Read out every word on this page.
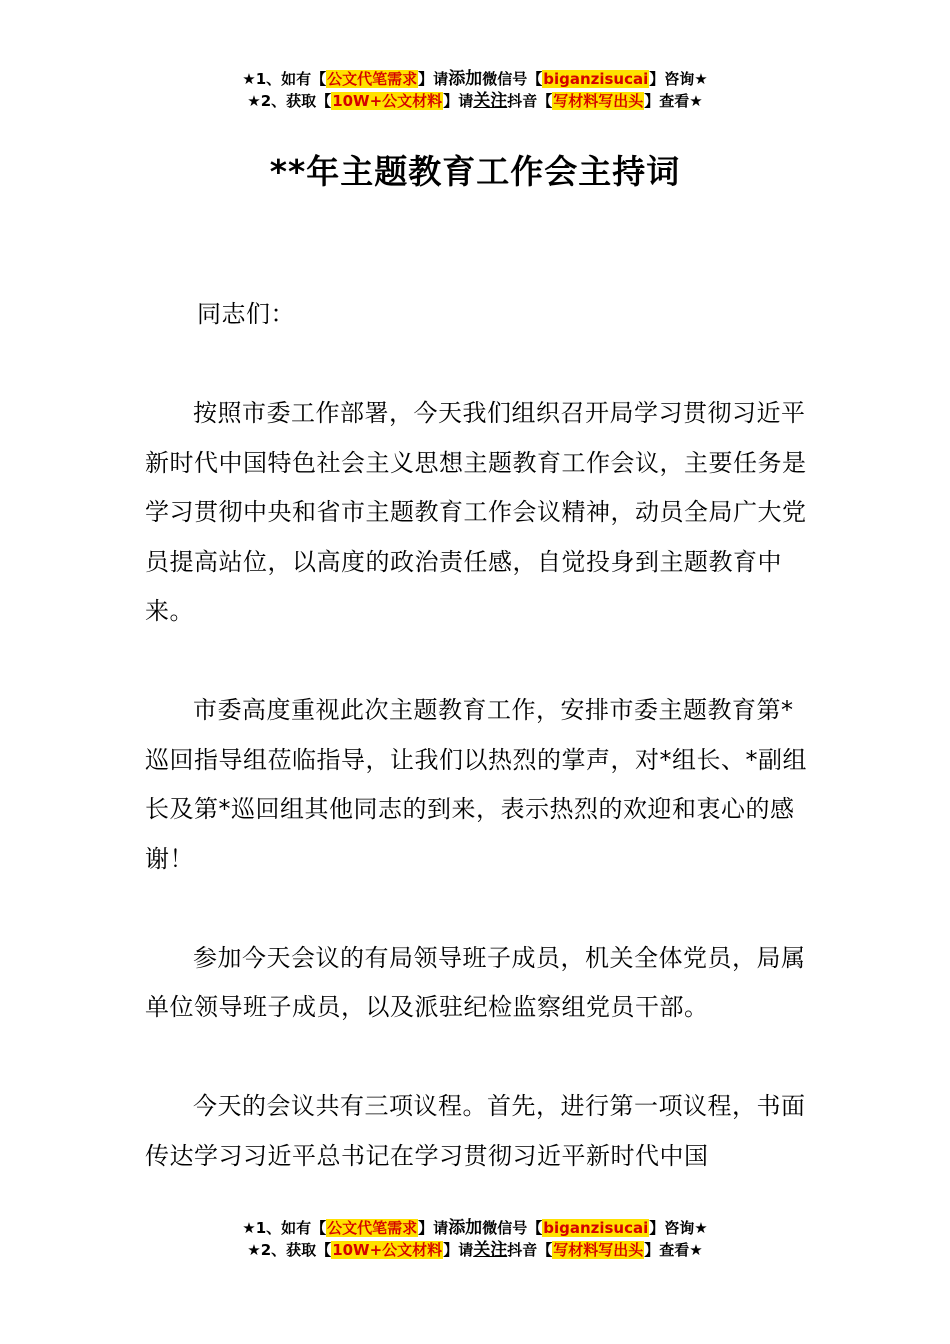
★1、如有【公文代笔需求】请添加微信号【biganzisucai】咨询★
★2、获取【10W+公文材料】请关注抖音【写材料写出头】查看★
**年主题教育工作会主持词

同志们：

按照市委工作部署，今天我们组织召开局学习贯彻习近平新时代中国特色社会主义思想主题教育工作会议，主要任务是学习贯彻中央和省市主题教育工作会议精神，动员全局广大党员提高站位，以高度的政治责任感，自觉投身到主题教育中来。

市委高度重视此次主题教育工作，安排市委主题教育第*巡回指导组莅临指导，让我们以热烈的掌声，对*组长、*副组长及第*巡回组其他同志的到来，表示热烈的欢迎和衷心的感谢！

参加今天会议的有局领导班子成员，机关全体党员，局属单位领导班子成员，以及派驻纪检监察组党员干部。

今天的会议共有三项议程。首先，进行第一项议程，书面传达学习习近平总书记在学习贯彻习近平新时代中国

★1、如有【公文代笔需求】请添加微信号【biganzisucai】咨询★
★2、获取【10W+公文材料】请关注抖音【写材料写出头】查看★
